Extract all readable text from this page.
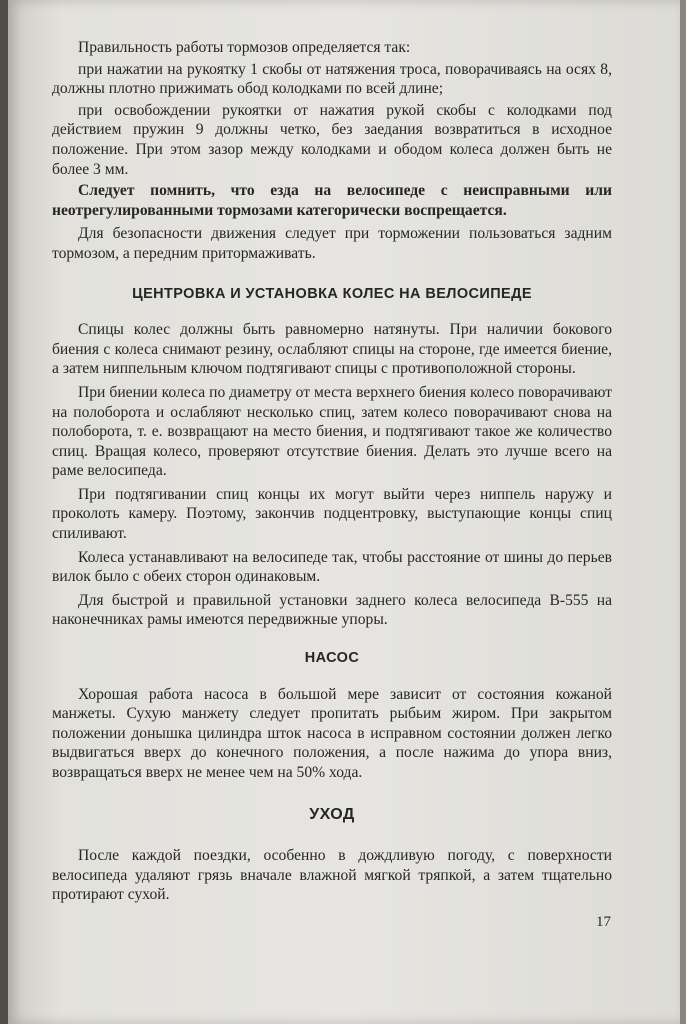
Правильность работы тормозов определяется так:

при нажатии на рукоятку 1 скобы от натяжения троса, поворачиваясь на осях 8, должны плотно прижимать обод колодками по всей длине;

при освобождении рукоятки от нажатия рукой скобы с колодками под действием пружин 9 должны четко, без заедания возвратиться в исходное положение. При этом зазор между колодками и ободом колеса должен быть не более 3 мм.

Следует помнить, что езда на велосипеде с неисправными или неотрегулированными тормозами категорически воспрещается.

Для безопасности движения следует при торможении пользоваться задним тормозом, а передним притормаживать.

ЦЕНТРОВКА И УСТАНОВКА КОЛЕС НА ВЕЛОСИПЕДЕ

Спицы колес должны быть равномерно натянуты. При наличии бокового биения с колеса снимают резину, ослабляют спицы на стороне, где имеется биение, а затем ниппельным ключом подтягивают спицы с противоположной стороны.

При биении колеса по диаметру от места верхнего биения колесо поворачивают на полоборота и ослабляют несколько спиц, затем колесо поворачивают снова на полоборота, т. е. возвращают на место биения, и подтягивают такое же количество спиц. Вращая колесо, проверяют отсутствие биения. Делать это лучше всего на раме велосипеда.

При подтягивании спиц концы их могут выйти через ниппель наружу и проколоть камеру. Поэтому, закончив подцентровку, выступающие концы спиц спиливают.

Колеса устанавливают на велосипеде так, чтобы расстояние от шины до перьев вилок было с обеих сторон одинаковым.

Для быстрой и правильной установки заднего колеса велосипеда В-555 на наконечниках рамы имеются передвижные упоры.

НАСОС

Хорошая работа насоса в большой мере зависит от состояния кожаной манжеты. Сухую манжету следует пропитать рыбьим жиром. При закрытом положении донышка цилиндра шток насоса в исправном состоянии должен легко выдвигаться вверх до конечного положения, а после нажима до упора вниз, возвращаться вверх не менее чем на 50% хода.

УХОД

После каждой поездки, особенно в дождливую погоду, с поверхности велосипеда удаляют грязь вначале влажной мягкой тряпкой, а затем тщательно протирают сухой.

17
